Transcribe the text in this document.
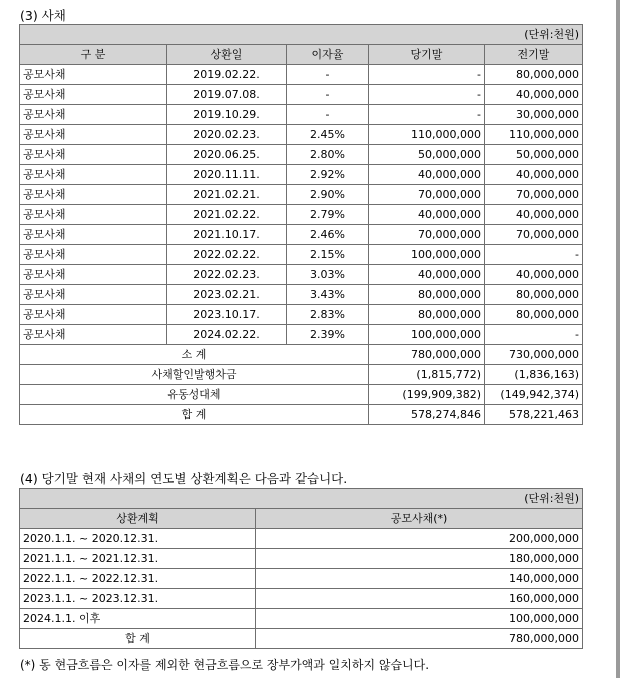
(3) 사채
(단위:천원)				
구 분	상환일	이자율	당기말	전기말
공모사채	2019.02.22.	-	-	80,000,000
공모사채	2019.07.08.	-	-	40,000,000
공모사채	2019.10.29.	-	-	30,000,000
공모사채	2020.02.23.	2.45%	110,000,000	110,000,000
공모사채	2020.06.25.	2.80%	50,000,000	50,000,000
공모사채	2020.11.11.	2.92%	40,000,000	40,000,000
공모사채	2021.02.21.	2.90%	70,000,000	70,000,000
공모사채	2021.02.22.	2.79%	40,000,000	40,000,000
공모사채	2021.10.17.	2.46%	70,000,000	70,000,000
공모사채	2022.02.22.	2.15%	100,000,000	-
공모사채	2022.02.23.	3.03%	40,000,000	40,000,000
공모사채	2023.02.21.	3.43%	80,000,000	80,000,000
공모사채	2023.10.17.	2.83%	80,000,000	80,000,000
공모사채	2024.02.22.	2.39%	100,000,000	-
소 계			780,000,000	730,000,000
사채할인발행차금			(1,815,772)	(1,836,163)
유동성대체			(199,909,382)	(149,942,374)
합 계			578,274,846	578,221,463
(4) 당기말 현재 사채의 연도별 상환계획은 다음과 같습니다.
(단위:천원)	
상환계획	공모사채(*)
2020.1.1. ~ 2020.12.31.	200,000,000
2021.1.1. ~ 2021.12.31.	180,000,000
2022.1.1. ~ 2022.12.31.	140,000,000
2023.1.1. ~ 2023.12.31.	160,000,000
2024.1.1. 이후	100,000,000
합 계	780,000,000
(*) 동 현금흐름은 이자를 제외한 현금흐름으로 장부가액과 일치하지 않습니다.
